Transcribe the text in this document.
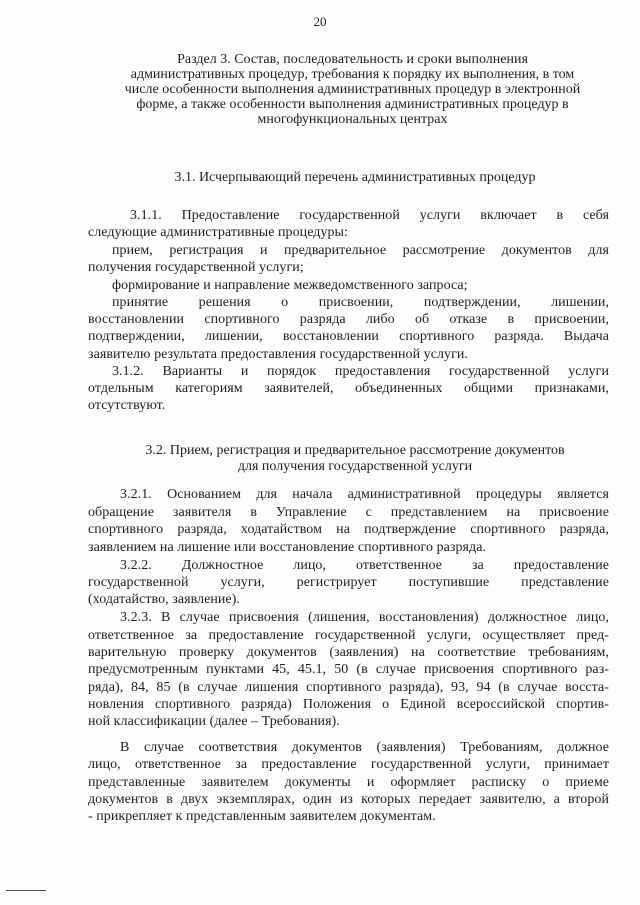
20
Раздел 3. Состав, последовательность и сроки выполнения
административных процедур, требования к порядку их выполнения, в том
числе особенности выполнения административных процедур в электронной
форме, а также особенности выполнения административных процедур в
многофункциональных центрах
3.1. Исчерпывающий перечень административных процедур
3.1.1. Предоставление государственной услуги включает в себя
следующие административные процедуры:
прием, регистрация и предварительное рассмотрение документов для
получения государственной услуги;
формирование и направление межведомственного запроса;
принятие решения о присвоении, подтверждении, лишении,
восстановлении спортивного разряда либо об отказе в присвоении,
подтверждении, лишении, восстановлении спортивного разряда. Выдача
заявителю результата предоставления государственной услуги.
3.1.2. Варианты и порядок предоставления государственной услуги
отдельным категориям заявителей, объединенных общими признаками,
отсутствуют.
3.2. Прием, регистрация и предварительное рассмотрение документов
для получения государственной услуги
3.2.1. Основанием для начала административной процедуры является
обращение заявителя в Управление с представлением на присвоение
спортивного разряда, ходатайством на подтверждение спортивного разряда,
заявлением на лишение или восстановление спортивного разряда.
3.2.2. Должностное лицо, ответственное за предоставление
государственной услуги, регистрирует поступившие представление
(ходатайство, заявление).
3.2.3. В случае присвоения (лишения, восстановления) должностное лицо,
ответственное за предоставление государственной услуги, осуществляет пред-
варительную проверку документов (заявления) на соответствие требованиям,
предусмотренным пунктами 45, 45.1, 50 (в случае присвоения спортивного раз-
ряда), 84, 85 (в случае лишения спортивного разряда), 93, 94 (в случае восста-
новления спортивного разряда) Положения о Единой всероссийской спортив-
ной классификации (далее – Требования).
В случае соответствия документов (заявления) Требованиям, должное
лицо, ответственное за предоставление государственной услуги, принимает
представленные заявителем документы и оформляет расписку о приеме
документов в двух экземплярах, один из которых передает заявителю, а второй
- прикрепляет к представленным заявителем документам.
